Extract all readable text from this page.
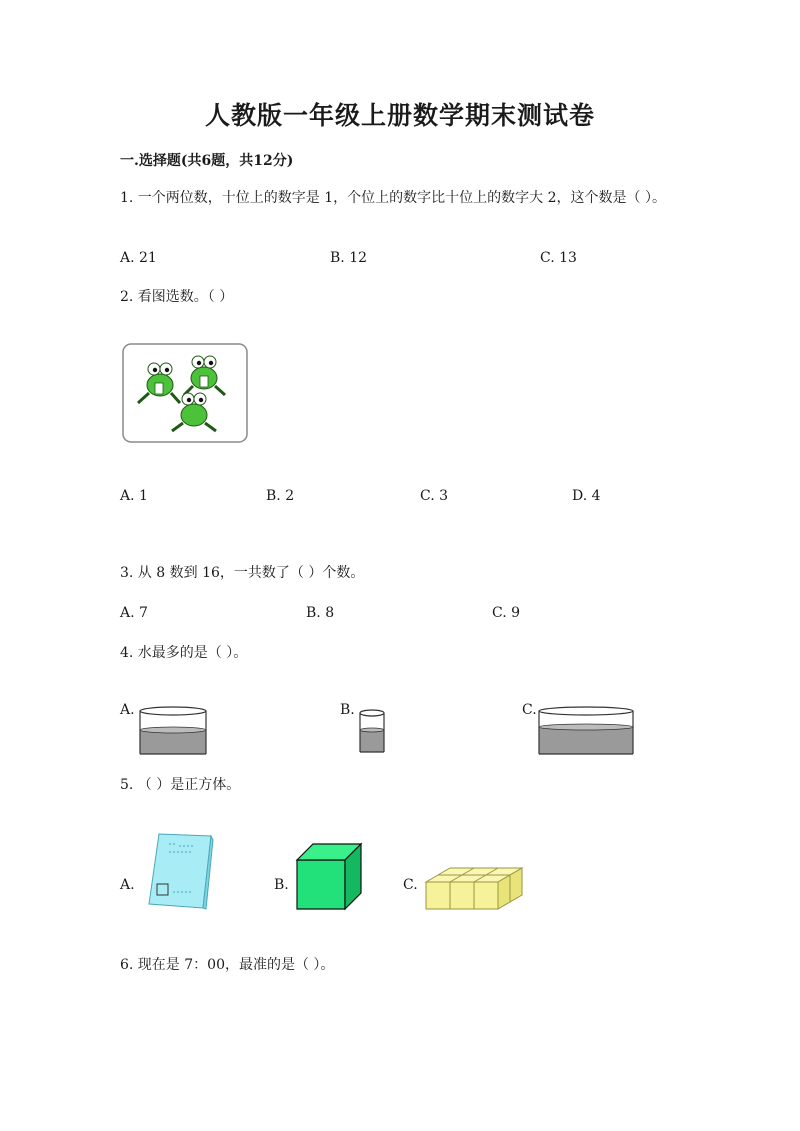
人教版一年级上册数学期末测试卷
一.选择题(共6题，共12分)
1. 一个两位数，十位上的数字是 1，个位上的数字比十位上的数字大 2，这个数是（ ）。
A. 21	B. 12	C. 13
2. 看图选数。（ ）
A. 1	B. 2	C. 3	D. 4
3. 从 8 数到 16，一共数了（ ）个数。
A. 7	B. 8	C. 9
4. 水最多的是（ ）。
A.	B.	C.
5. （ ）是正方体。
A.	B.	C.
6. 现在是 7：00，最准的是（ ）。
